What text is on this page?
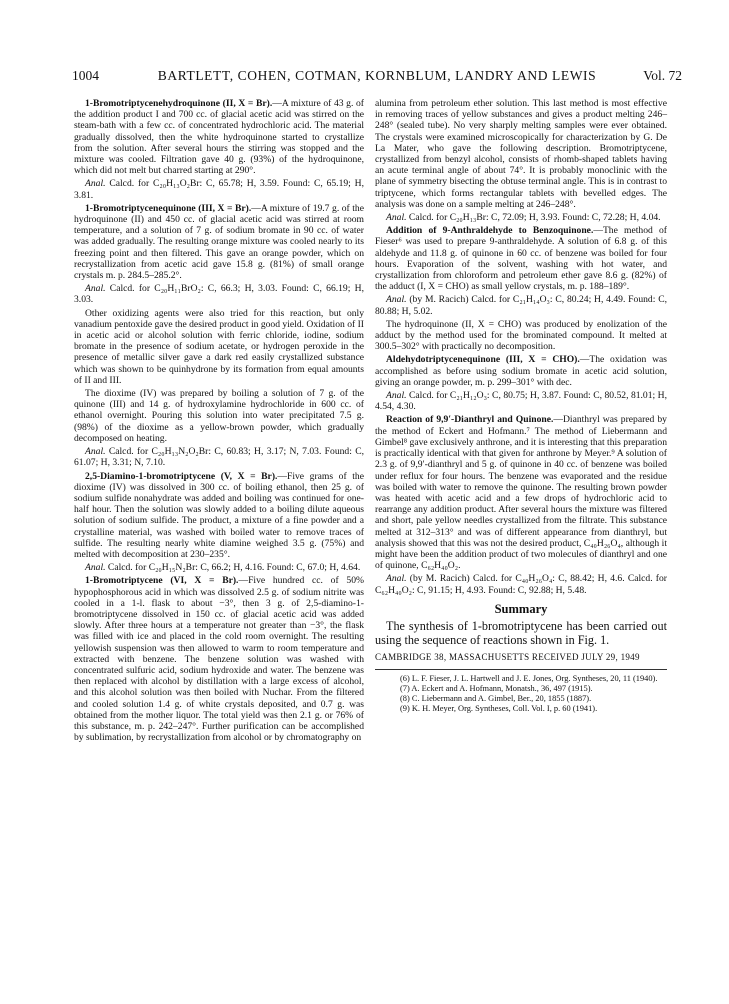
1004	BARTLETT, COHEN, COTMAN, KORNBLUM, LANDRY AND LEWIS	Vol. 72

1-Bromotriptycenehydroquinone (II, X = Br).—A mixture of 43 g. of the addition product I and 700 cc. of glacial acetic acid was stirred on the steam-bath with a few cc. of concentrated hydrochloric acid. The material gradually dissolved, then the white hydroquinone started to crystallize from the solution. After several hours the stirring was stopped and the mixture was cooled. Filtration gave 40 g. (93%) of the hydroquinone, which did not melt but charred starting at 290°.

Anal. Calcd. for C₂₀H₁₃O₂Br: C, 65.78; H, 3.59. Found: C, 65.19; H, 3.81.

1-Bromotriptycenequinone (III, X = Br).—A mixture of 19.7 g. of the hydroquinone (II) and 450 cc. of glacial acetic acid was stirred at room temperature, and a solution of 7 g. of sodium bromate in 90 cc. of water was added gradually. The resulting orange mixture was cooled nearly to its freezing point and then filtered. This gave an orange powder, which on recrystallization from acetic acid gave 15.8 g. (81%) of small orange crystals m. p. 284.5–285.2°.

Anal. Calcd. for C₂₀H₁₁BrO₂: C, 66.3; H, 3.03. Found: C, 66.19; H, 3.03.

Other oxidizing agents were also tried for this reaction, but only vanadium pentoxide gave the desired product in good yield. Oxidation of II in acetic acid or alcohol solution with ferric chloride, iodine, sodium bromate in the presence of sodium acetate, or hydrogen peroxide in the presence of metallic silver gave a dark red easily crystallized substance which was shown to be quinhydrone by its formation from equal amounts of II and III.

The dioxime (IV) was prepared by boiling a solution of 7 g. of the quinone (III) and 14 g. of hydroxylamine hydrochloride in 600 cc. of ethanol overnight. Pouring this solution into water precipitated 7.5 g. (98%) of the dioxime as a yellow-brown powder, which gradually decomposed on heating.

Anal. Calcd. for C₂₀H₁₃N₂O₂Br: C, 60.83; H, 3.17; N, 7.03. Found: C, 61.07; H, 3.31; N, 7.10.

2,5-Diamino-1-bromotriptycene (V, X = Br).—Five grams of the dioxime (IV) was dissolved in 300 cc. of boiling ethanol, then 25 g. of sodium sulfide nonahydrate was added and boiling was continued for one-half hour. Then the solution was slowly added to a boiling dilute aqueous solution of sodium sulfide. The product, a mixture of a fine powder and a crystalline material, was washed with boiled water to remove traces of sulfide. The resulting nearly white diamine weighed 3.5 g. (75%) and melted with decomposition at 230–235°.

Anal. Calcd. for C₂₀H₁₅N₂Br: C, 66.2; H, 4.16. Found: C, 67.0; H, 4.64.

1-Bromotriptycene (VI, X = Br).—Five hundred cc. of 50% hypophosphorous acid in which was dissolved 2.5 g. of sodium nitrite was cooled in a 1-l. flask to about −3°, then 3 g. of 2,5-diamino-1-bromotriptycene dissolved in 150 cc. of glacial acetic acid was added slowly. After three hours at a temperature not greater than −3°, the flask was filled with ice and placed in the cold room overnight. The resulting yellowish suspension was then allowed to warm to room temperature and extracted with benzene. The benzene solution was washed with concentrated sulfuric acid, sodium hydroxide and water. The benzene was then replaced with alcohol by distillation with a large excess of alcohol, and this alcohol solution was then boiled with Nuchar. From the filtered and cooled solution 1.4 g. of white crystals deposited, and 0.7 g. was obtained from the mother liquor. The total yield was then 2.1 g. or 76% of this substance, m. p. 242–247°. Further purification can be accomplished by sublimation, by recrystallization from alcohol or by chromatography on

alumina from petroleum ether solution. This last method is most effective in removing traces of yellow substances and gives a product melting 246–248° (sealed tube). No very sharply melting samples were ever obtained. The crystals were examined microscopically for characterization by G. De La Mater, who gave the following description. Bromotriptycene, crystallized from benzyl alcohol, consists of rhomb-shaped tablets having an acute terminal angle of about 74°. It is probably monoclinic with the plane of symmetry bisecting the obtuse terminal angle. This is in contrast to triptycene, which forms rectangular tablets with bevelled edges. The analysis was done on a sample melting at 246–248°.

Anal. Calcd. for C₂₀H₁₃Br: C, 72.09; H, 3.93. Found: C, 72.28; H, 4.04.

Addition of 9-Anthraldehyde to Benzoquinone.—The method of Fieser⁶ was used to prepare 9-anthraldehyde. A solution of 6.8 g. of this aldehyde and 11.8 g. of quinone in 60 cc. of benzene was boiled for four hours. Evaporation of the solvent, washing with hot water, and crystallization from chloroform and petroleum ether gave 8.6 g. (82%) of the adduct (I, X = CHO) as small yellow crystals, m. p. 188–189°.

Anal. (by M. Racich) Calcd. for C₂₁H₁₄O₃: C, 80.24; H, 4.49. Found: C, 80.88; H, 5.02.

The hydroquinone (II, X = CHO) was produced by enolization of the adduct by the method used for the brominated compound. It melted at 300.5–302° with practically no decomposition.

Aldehydotriptycenequinone (III, X = CHO).—The oxidation was accomplished as before using sodium bromate in acetic acid solution, giving an orange powder, m. p. 299–301° with dec.

Anal. Calcd. for C₂₁H₁₂O₃: C, 80.75; H, 3.87. Found: C, 80.52, 81.01; H, 4.54, 4.30.

Reaction of 9,9′-Dianthryl and Quinone.—Dianthryl was prepared by the method of Eckert and Hofmann.⁷ The method of Liebermann and Gimbel⁸ gave exclusively anthrone, and it is interesting that this preparation is practically identical with that given for anthrone by Meyer.⁹ A solution of 2.3 g. of 9,9′-dianthryl and 5 g. of quinone in 40 cc. of benzene was boiled under reflux for four hours. The benzene was evaporated and the residue was boiled with water to remove the quinone. The resulting brown powder was heated with acetic acid and a few drops of hydrochloric acid to rearrange any addition product. After several hours the mixture was filtered and short, pale yellow needles crystallized from the filtrate. This substance melted at 312–313° and was of different appearance from dianthryl, but analysis showed that this was not the desired product, C₄₀H₂₆O₄, although it might have been the addition product of two molecules of dianthryl and one of quinone, C₆₂H₄₀O₂.

Anal. (by M. Racich) Calcd. for C₄₀H₂₆O₄: C, 88.42; H, 4.6. Calcd. for C₆₂H₄₀O₂: C, 91.15; H, 4.93. Found: C, 92.88; H, 5.48.

Summary

The synthesis of 1-bromotriptycene has been carried out using the sequence of reactions shown in Fig. 1.

CAMBRIDGE 38, MASSACHUSETTS RECEIVED JULY 29, 1949

(6) L. F. Fieser, J. L. Hartwell and J. E. Jones, Org. Syntheses, 20, 11 (1940).

(7) A. Eckert and A. Hofmann, Monatsh., 36, 497 (1915).

(8) C. Liebermann and A. Gimbel, Ber., 20, 1855 (1887).

(9) K. H. Meyer, Org. Syntheses, Coll. Vol. I, p. 60 (1941).
